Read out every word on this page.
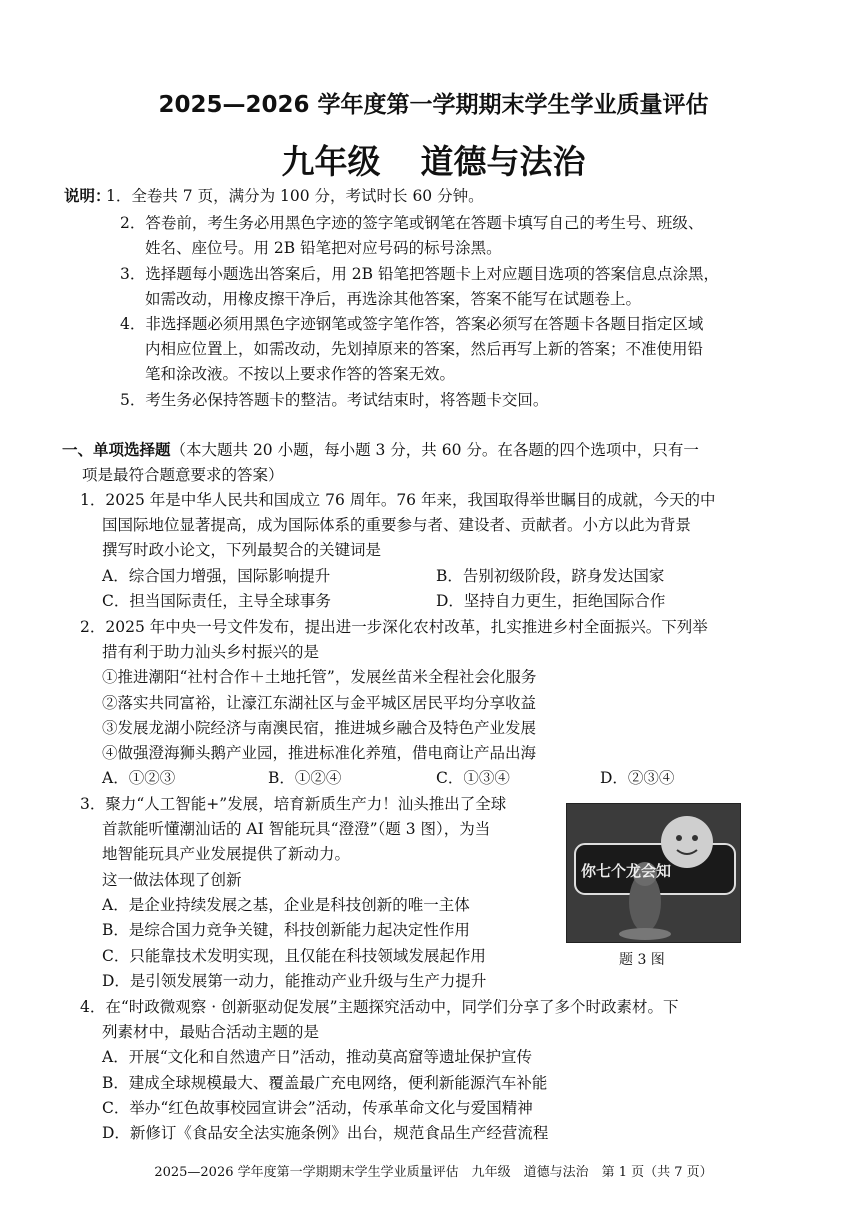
2025—2026 学年度第一学期期末学生学业质量评估
九年级 道德与法治
说明：
1．全卷共 7 页，满分为 100 分，考试时长 60 分钟。
2．答卷前，考生务必用黑色字迹的签字笔或钢笔在答题卡填写自己的考生号、班级、
姓名、座位号。用 2B 铅笔把对应号码的标号涂黑。
3．选择题每小题选出答案后，用 2B 铅笔把答题卡上对应题目选项的答案信息点涂黑，
如需改动，用橡皮擦干净后，再选涂其他答案，答案不能写在试题卷上。
4．非选择题必须用黑色字迹钢笔或签字笔作答，答案必须写在答题卡各题目指定区域
内相应位置上，如需改动，先划掉原来的答案，然后再写上新的答案；不准使用铅
笔和涂改液。不按以上要求作答的答案无效。
5．考生务必保持答题卡的整洁。考试结束时，将答题卡交回。
一、单项选择题（本大题共 20 小题，每小题 3 分，共 60 分。在各题的四个选项中，只有一
项是最符合题意要求的答案）
1．2025 年是中华人民共和国成立 76 周年。76 年来，我国取得举世瞩目的成就，今天的中
国国际地位显著提高，成为国际体系的重要参与者、建设者、贡献者。小方以此为背景
撰写时政小论文，下列最契合的关键词是
A．综合国力增强，国际影响提升	B．告别初级阶段，跻身发达国家
C．担当国际责任，主导全球事务	D．坚持自力更生，拒绝国际合作
2．2025 年中央一号文件发布，提出进一步深化农村改革，扎实推进乡村全面振兴。下列举
措有利于助力汕头乡村振兴的是
①推进潮阳“社村合作＋土地托管”，发展丝苗米全程社会化服务
②落实共同富裕，让濠江东湖社区与金平城区居民平均分享收益
③发展龙湖小院经济与南澳民宿，推进城乡融合及特色产业发展
④做强澄海狮头鹅产业园，推进标准化养殖，借电商让产品出海
A．①②③	B．①②④	C．①③④	D．②③④
3．聚力“人工智能+”发展，培育新质生产力！汕头推出了全球
首款能听懂潮汕话的 AI 智能玩具“澄澄”（题 3 图），为当
地智能玩具产业发展提供了新动力。
这一做法体现了创新
A．是企业持续发展之基，企业是科技创新的唯一主体
B．是综合国力竞争关键，科技创新能力起决定性作用
C．只能靠技术发明实现，且仅能在科技领域发展起作用
D．是引领发展第一动力，能推动产业升级与生产力提升
你七个龙会知
题 3 图
4．在“时政微观察 · 创新驱动促发展”主题探究活动中，同学们分享了多个时政素材。下
列素材中，最贴合活动主题的是
A．开展“文化和自然遗产日”活动，推动莫高窟等遗址保护宣传
B．建成全球规模最大、覆盖最广充电网络，便利新能源汽车补能
C．举办“红色故事校园宣讲会”活动，传承革命文化与爱国精神
D．新修订《食品安全法实施条例》出台，规范食品生产经营流程
2025—2026 学年度第一学期期末学生学业质量评估　九年级　道德与法治　第 1 页（共 7 页）
